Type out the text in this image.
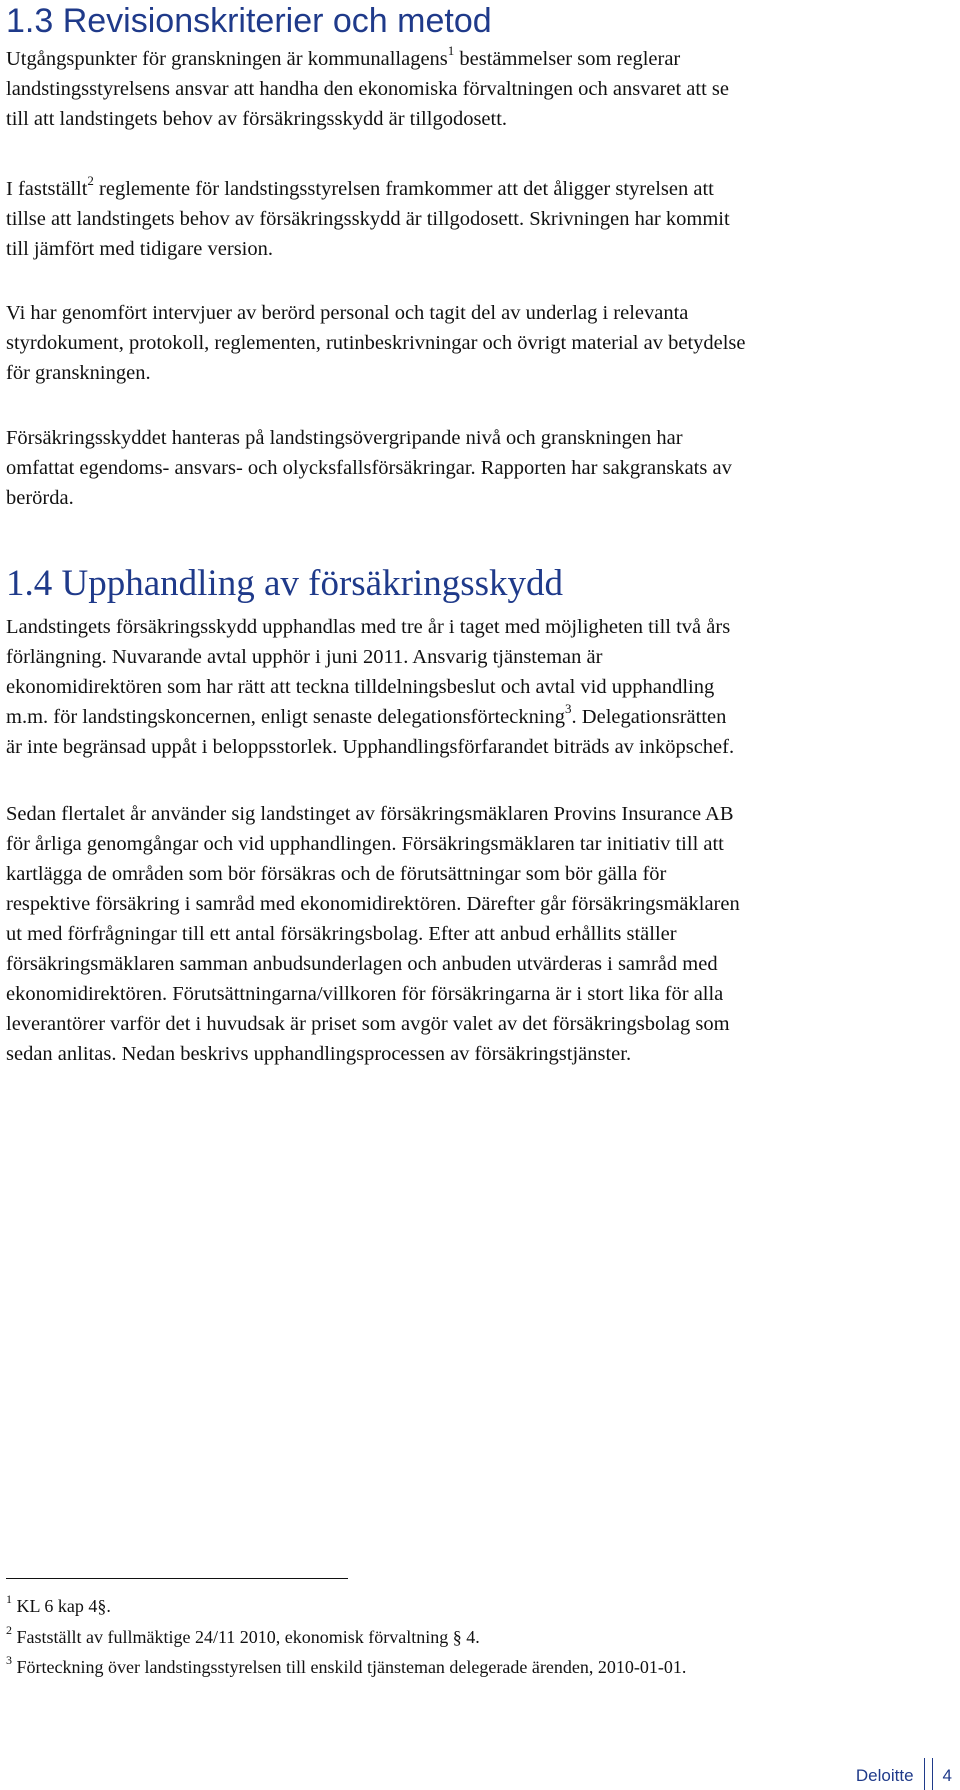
1.3 Revisionskriterier och metod
Utgångspunkter för granskningen är kommunallagens$^1$ bestämmelser som reglerar
landstingsstyrelsens ansvar att handha den ekonomiska förvaltningen och ansvaret att se
till att landstingets behov av försäkringsskydd är tillgodosett.
I fastställt$^2$ reglemente för landstingsstyrelsen framkommer att det åligger styrelsen att
tillse att landstingets behov av försäkringsskydd är tillgodosett. Skrivningen har kommit
till jämfört med tidigare version.
Vi har genomfört intervjuer av berörd personal och tagit del av underlag i relevanta
styrdokument, protokoll, reglementen, rutinbeskrivningar och övrigt material av betydelse
för granskningen.
Försäkringsskyddet hanteras på landstingsövergripande nivå och granskningen har
omfattat egendoms- ansvars- och olycksfallsförsäkringar. Rapporten har sakgranskats av
berörda.
1.4 Upphandling av försäkringsskydd
Landstingets försäkringsskydd upphandlas med tre år i taget med möjligheten till två års
förlängning. Nuvarande avtal upphör i juni 2011. Ansvarig tjänsteman är
ekonomidirektören som har rätt att teckna tilldelningsbeslut och avtal vid upphandling
m.m. för landstingskoncernen, enligt senaste delegationsförteckning$^3$. Delegationsrätten
är inte begränsad uppåt i beloppsstorlek. Upphandlingsförfarandet biträds av inköpschef.
Sedan flertalet år använder sig landstinget av försäkringsmäklaren Provins Insurance AB
för årliga genomgångar och vid upphandlingen. Försäkringsmäklaren tar initiativ till att
kartlägga de områden som bör försäkras och de förutsättningar som bör gälla för
respektive försäkring i samråd med ekonomidirektören. Därefter går försäkringsmäklaren
ut med förfrågningar till ett antal försäkringsbolag. Efter att anbud erhållits ställer
försäkringsmäklaren samman anbudsunderlagen och anbuden utvärderas i samråd med
ekonomidirektören. Förutsättningarna/villkoren för försäkringarna är i stort lika för alla
leverantörer varför det i huvudsak är priset som avgör valet av det försäkringsbolag som
sedan anlitas. Nedan beskrivs upphandlingsprocessen av försäkringstjänster.
$^1$ KL 6 kap 4§.
$^2$ Fastställt av fullmäktige 24/11 2010, ekonomisk förvaltning § 4.
$^3$ Förteckning över landstingsstyrelsen till enskild tjänsteman delegerade ärenden, 2010-01-01.
Deloitte	4
